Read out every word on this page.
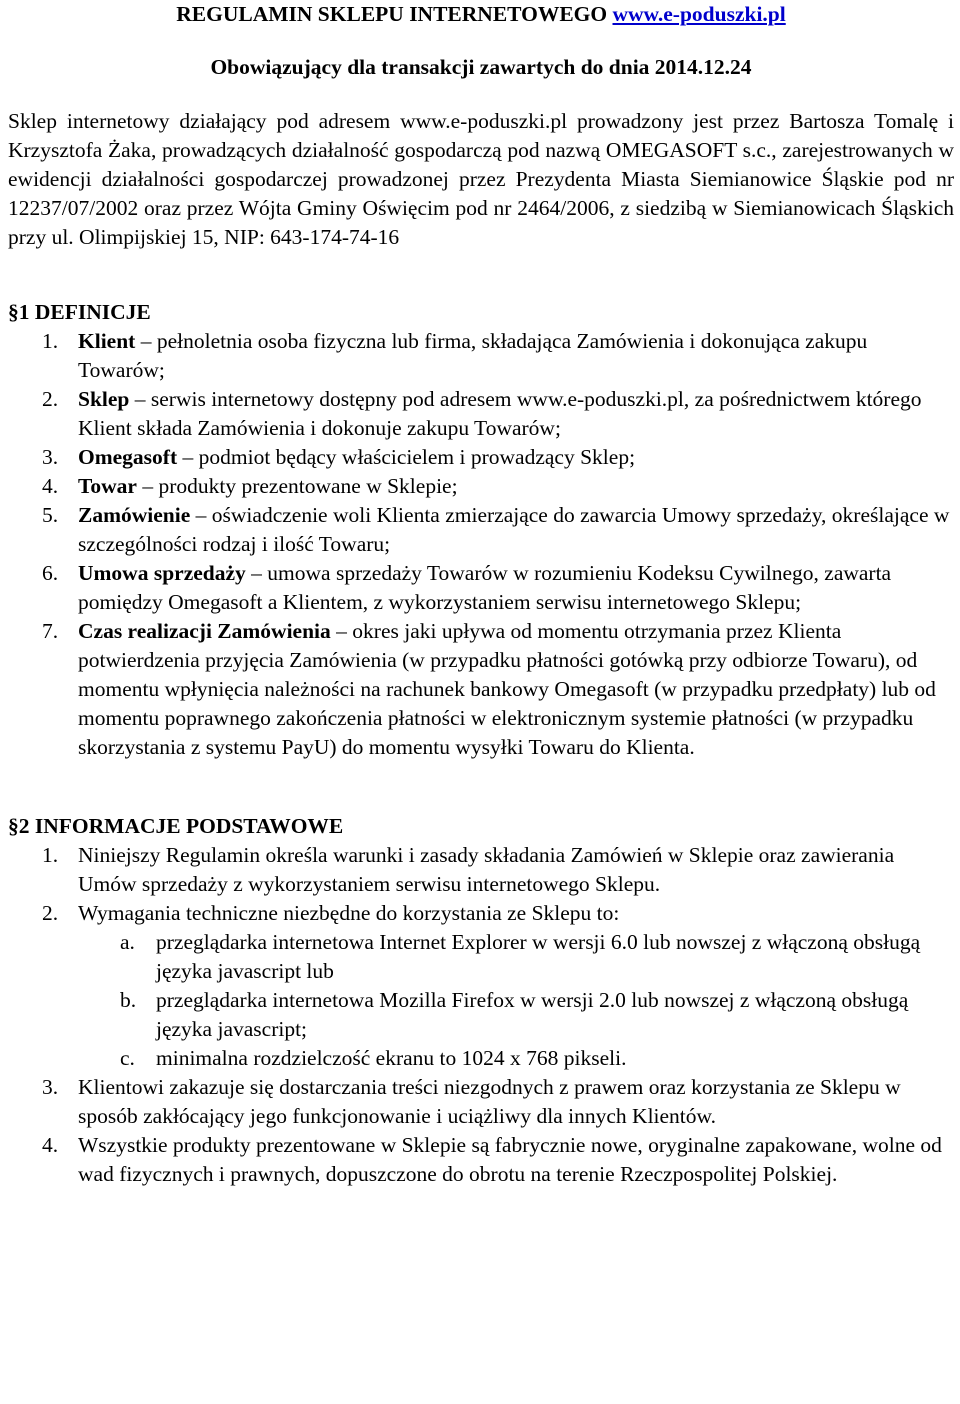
REGULAMIN SKLEPU INTERNETOWEGO www.e-poduszki.pl

Obowiązujący dla transakcji zawartych do dnia 2014.12.24

Sklep internetowy działający pod adresem www.e-poduszki.pl prowadzony jest przez Bartosza Tomalę i Krzysztofa Żaka, prowadzących działalność gospodarczą pod nazwą OMEGASOFT s.c., zarejestrowanych w ewidencji działalności gospodarczej prowadzonej przez Prezydenta Miasta Siemianowice Śląskie pod nr 12237/07/2002 oraz przez Wójta Gminy Oświęcim pod nr 2464/2006, z siedzibą w Siemianowicach Śląskich przy ul. Olimpijskiej 15, NIP: 643-174-74-16

§1 DEFINICJE

1. Klient – pełnoletnia osoba fizyczna lub firma, składająca Zamówienia i dokonująca zakupu Towarów;
2. Sklep – serwis internetowy dostępny pod adresem www.e-poduszki.pl, za pośrednictwem którego Klient składa Zamówienia i dokonuje zakupu Towarów;
3. Omegasoft – podmiot będący właścicielem i prowadzący Sklep;
4. Towar – produkty prezentowane w Sklepie;
5. Zamówienie – oświadczenie woli Klienta zmierzające do zawarcia Umowy sprzedaży, określające w szczególności rodzaj i ilość Towaru;
6. Umowa sprzedaży – umowa sprzedaży Towarów w rozumieniu Kodeksu Cywilnego, zawarta pomiędzy Omegasoft a Klientem, z wykorzystaniem serwisu internetowego Sklepu;
7. Czas realizacji Zamówienia – okres jaki upływa od momentu otrzymania przez Klienta potwierdzenia przyjęcia Zamówienia (w przypadku płatności gotówką przy odbiorze Towaru), od momentu wpłynięcia należności na rachunek bankowy Omegasoft (w przypadku przedpłaty) lub od momentu poprawnego zakończenia płatności w elektronicznym systemie płatności (w przypadku skorzystania z systemu PayU) do momentu wysyłki Towaru do Klienta.

§2 INFORMACJE PODSTAWOWE

1. Niniejszy Regulamin określa warunki i zasady składania Zamówień w Sklepie oraz zawierania Umów sprzedaży z wykorzystaniem serwisu internetowego Sklepu.
2. Wymagania techniczne niezbędne do korzystania ze Sklepu to:
a. przeglądarka internetowa Internet Explorer w wersji 6.0 lub nowszej z włączoną obsługą języka javascript lub
b. przeglądarka internetowa Mozilla Firefox w wersji 2.0 lub nowszej z włączoną obsługą języka javascript;
c. minimalna rozdzielczość ekranu to 1024 x 768 pikseli.
3. Klientowi zakazuje się dostarczania treści niezgodnych z prawem oraz korzystania ze Sklepu w sposób zakłócający jego funkcjonowanie i uciążliwy dla innych Klientów.
4. Wszystkie produkty prezentowane w Sklepie są fabrycznie nowe, oryginalne zapakowane, wolne od wad fizycznych i prawnych, dopuszczone do obrotu na terenie Rzeczpospolitej Polskiej.
